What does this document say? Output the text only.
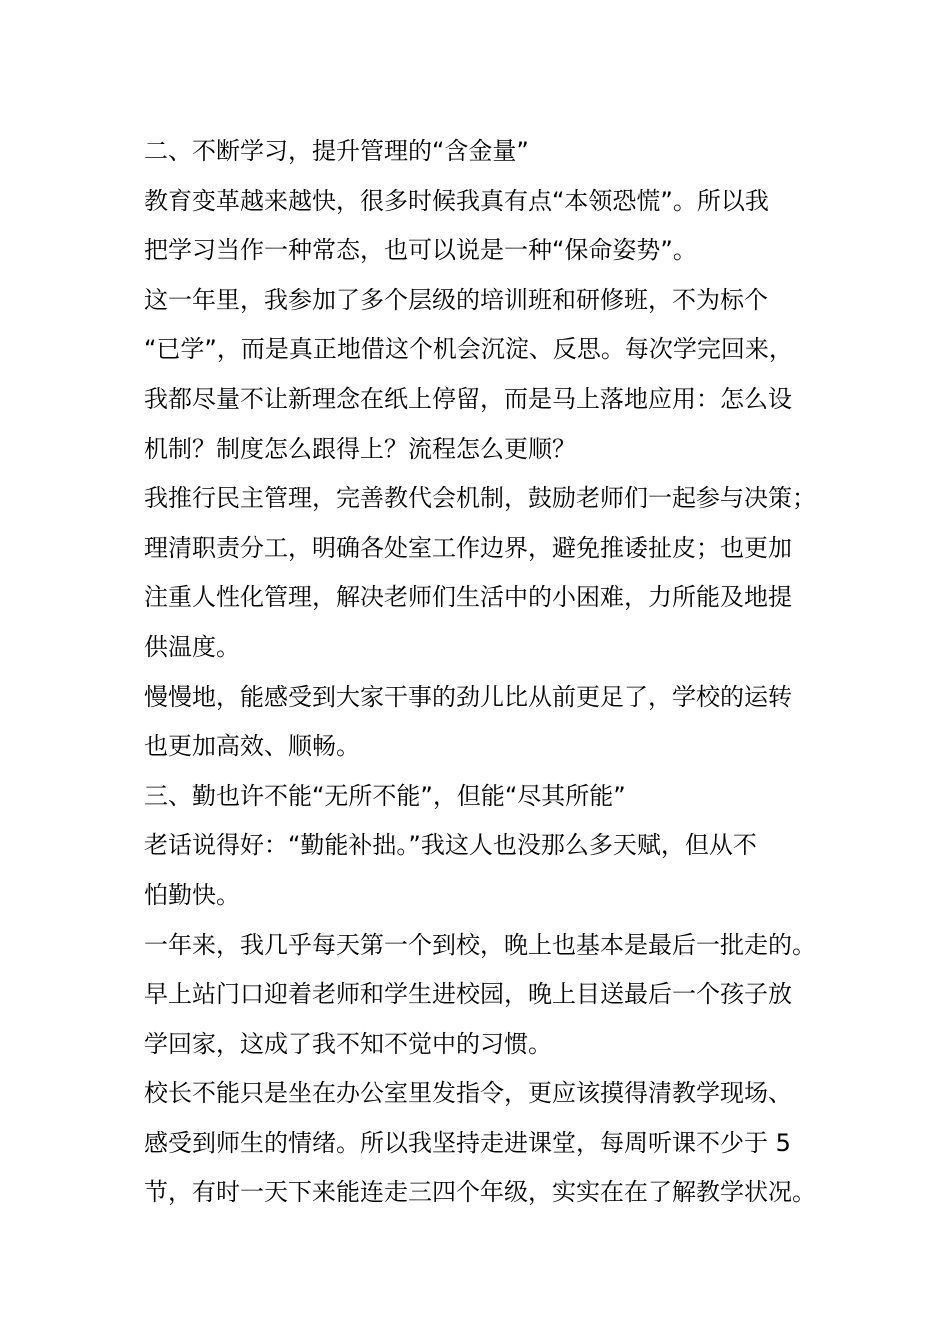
二、不断学习，提升管理的“含金量”
教育变革越来越快，很多时候我真有点“本领恐慌”。所以我
把学习当作一种常态，也可以说是一种“保命姿势”。
这一年里，我参加了多个层级的培训班和研修班，不为标个
“已学”，而是真正地借这个机会沉淀、反思。每次学完回来，
我都尽量不让新理念在纸上停留，而是马上落地应用：怎么设
机制？制度怎么跟得上？流程怎么更顺？
我推行民主管理，完善教代会机制，鼓励老师们一起参与决策；
理清职责分工，明确各处室工作边界，避免推诿扯皮；也更加
注重人性化管理，解决老师们生活中的小困难，力所能及地提
供温度。
慢慢地，能感受到大家干事的劲儿比从前更足了，学校的运转
也更加高效、顺畅。
三、勤也许不能“无所不能”，但能“尽其所能”
老话说得好：“勤能补拙。”我这人也没那么多天赋，但从不
怕勤快。
一年来，我几乎每天第一个到校，晚上也基本是最后一批走的。
早上站门口迎着老师和学生进校园，晚上目送最后一个孩子放
学回家，这成了我不知不觉中的习惯。
校长不能只是坐在办公室里发指令，更应该摸得清教学现场、
感受到师生的情绪。所以我坚持走进课堂，每周听课不少于 5
节，有时一天下来能连走三四个年级，实实在在了解教学状况。
